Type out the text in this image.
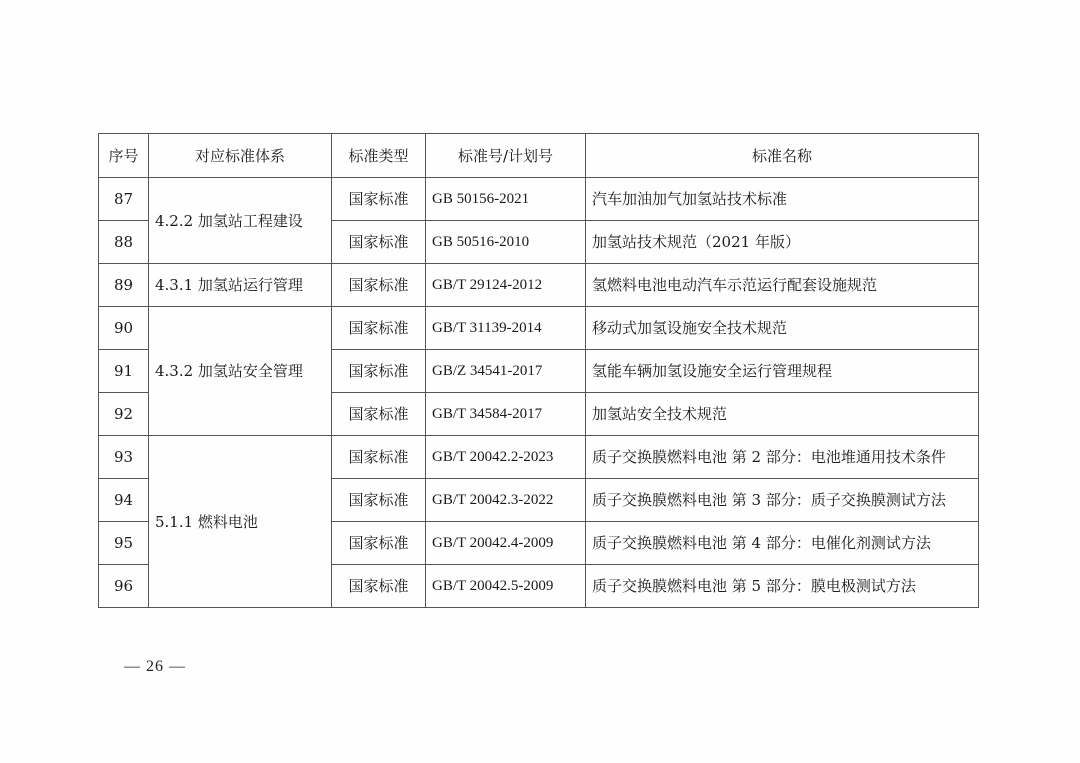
序号	对应标准体系	标准类型	标准号/计划号	标准名称
87	4.2.2 加氢站工程建设	国家标准	GB 50156-2021	汽车加油加气加氢站技术标准
88		国家标准	GB 50516-2010	加氢站技术规范（2021 年版）
89	4.3.1 加氢站运行管理	国家标准	GB/T 29124-2012	氢燃料电池电动汽车示范运行配套设施规范
90	4.3.2 加氢站安全管理	国家标准	GB/T 31139-2014	移动式加氢设施安全技术规范
91		国家标准	GB/Z 34541-2017	氢能车辆加氢设施安全运行管理规程
92		国家标准	GB/T 34584-2017	加氢站安全技术规范
93	5.1.1 燃料电池	国家标准	GB/T 20042.2-2023	质子交换膜燃料电池 第 2 部分：电池堆通用技术条件
94		国家标准	GB/T 20042.3-2022	质子交换膜燃料电池 第 3 部分：质子交换膜测试方法
95		国家标准	GB/T 20042.4-2009	质子交换膜燃料电池 第 4 部分：电催化剂测试方法
96		国家标准	GB/T 20042.5-2009	质子交换膜燃料电池 第 5 部分：膜电极测试方法
— 26 —
